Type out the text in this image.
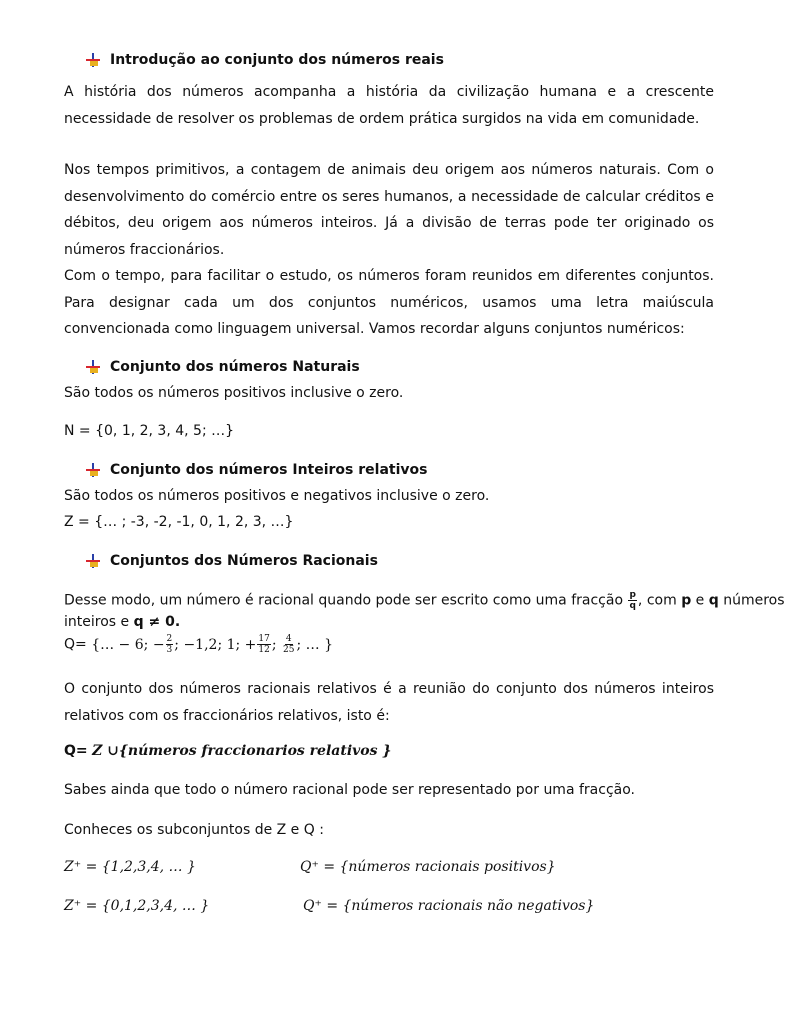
Introdução ao conjunto dos números reais

A história dos números acompanha a história da civilização humana e a crescente necessidade de resolver os problemas de ordem prática surgidos na vida em comunidade.

Nos tempos primitivos, a contagem de animais deu origem aos números naturais. Com o desenvolvimento do comércio entre os seres humanos, a necessidade de calcular créditos e débitos, deu origem aos números inteiros. Já a divisão de terras pode ter originado os números fraccionários.

Com o tempo, para facilitar o estudo, os números foram reunidos em diferentes conjuntos. Para designar cada um dos conjuntos numéricos, usamos uma letra maiúscula convencionada como linguagem universal. Vamos recordar alguns conjuntos numéricos:

Conjunto dos números Naturais
São todos os números positivos inclusive o zero.
N = {0, 1, 2, 3, 4, 5; …}
Conjunto dos números Inteiros relativos
São todos os números positivos e negativos inclusive o zero.
Z = {… ; -3, -2, -1, 0, 1, 2, 3, …}
Conjuntos dos Números Racionais
Desse modo, um número é racional quando pode ser escrito como uma fracção $\frac{p}{q}$ , com p e q números
inteiros e q ≠ 0.
Q= {… − 6; − $\frac{2}{3}$ ; −1,2; 1; + $\frac{17}{12}$ ; $\frac{4}{25}$ ; … }

O conjunto dos números racionais relativos é a reunião do conjunto dos números inteiros relativos com os fraccionários relativos, isto é:

Q= Z ∪{números fraccionarios relativos }
Sabes ainda que todo o número racional pode ser representado por uma fracção.
Conheces os subconjuntos de Z e Q :
Z⁺ = {1,2,3,4, … }	Q⁺ = {números racionais positivos}
Z⁺ = {0,1,2,3,4, … }	Q⁺ = {números racionais não negativos}
